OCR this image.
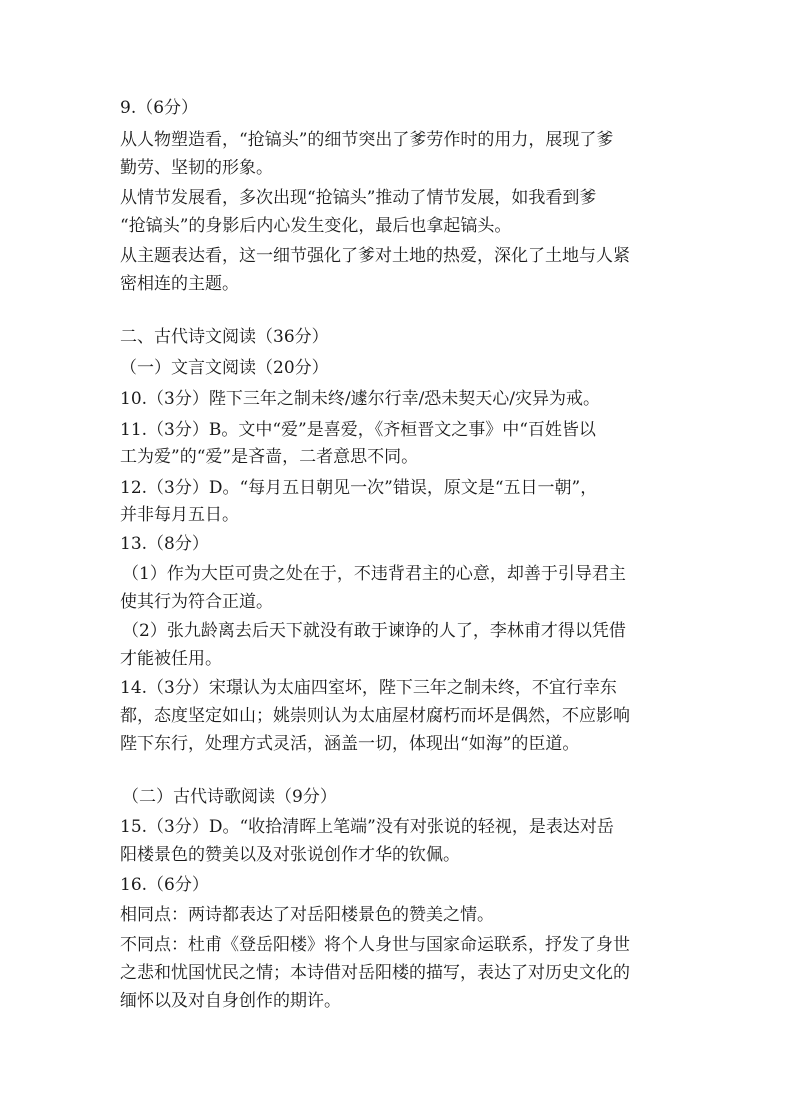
9.（6分）
从人物塑造看，“抢镐头”的细节突出了爹劳作时的用力，展现了爹
勤劳、坚韧的形象。
从情节发展看，多次出现“抢镐头”推动了情节发展，如我看到爹
“抢镐头”的身影后内心发生变化，最后也拿起镐头。
从主题表达看，这一细节强化了爹对土地的热爱，深化了土地与人紧
密相连的主题。
二、古代诗文阅读（36分）
（一）文言文阅读（20分）
10.（3分）陛下三年之制未终/遽尔行幸/恐未契天心/灾异为戒。
11.（3分）B。文中“爱”是喜爱，《齐桓晋文之事》中“百姓皆以
工为爱”的“爱”是吝啬，二者意思不同。
12.（3分）D。“每月五日朝见一次”错误，原文是“五日一朝”，
并非每月五日。
13.（8分）
（1）作为大臣可贵之处在于，不违背君主的心意，却善于引导君主
使其行为符合正道。
（2）张九龄离去后天下就没有敢于谏诤的人了，李林甫才得以凭借
才能被任用。
14.（3分）宋璟认为太庙四室坏，陛下三年之制未终，不宜行幸东
都，态度坚定如山；姚崇则认为太庙屋材腐朽而坏是偶然，不应影响
陛下东行，处理方式灵活，涵盖一切，体现出“如海”的臣道。
（二）古代诗歌阅读（9分）
15.（3分）D。“收拾清晖上笔端”没有对张说的轻视，是表达对岳
阳楼景色的赞美以及对张说创作才华的钦佩。
16.（6分）
相同点：两诗都表达了对岳阳楼景色的赞美之情。
不同点：杜甫《登岳阳楼》将个人身世与国家命运联系，抒发了身世
之悲和忧国忧民之情；本诗借对岳阳楼的描写，表达了对历史文化的
缅怀以及对自身创作的期许。
